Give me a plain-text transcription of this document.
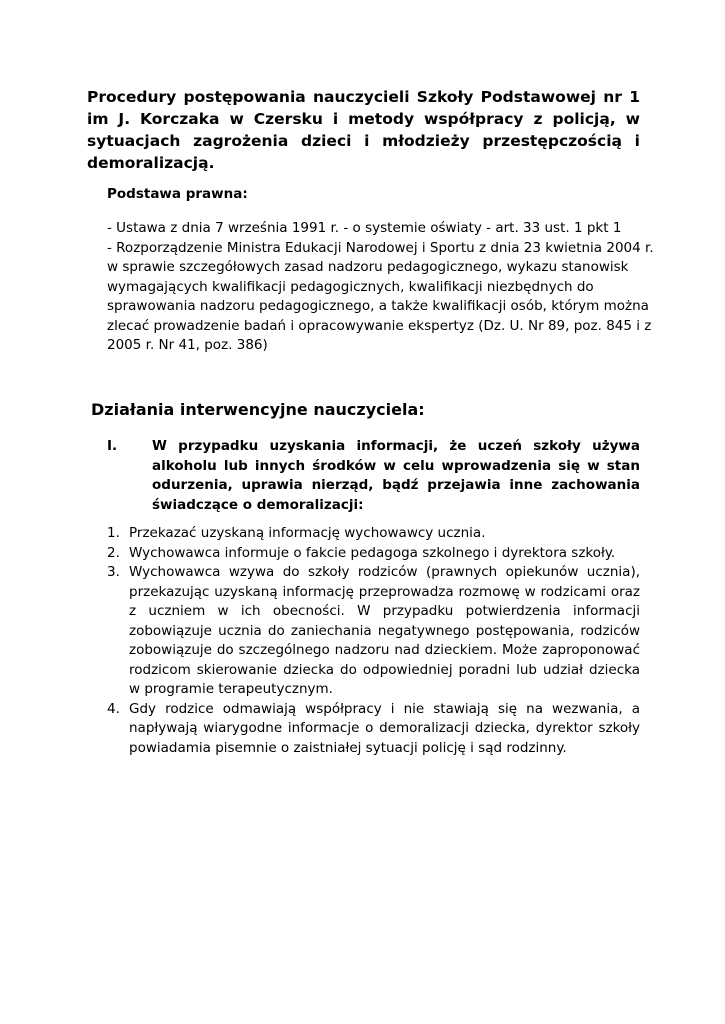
Procedury postępowania nauczycieli Szkoły Podstawowej nr 1 im J. Korczaka w Czersku i metody współpracy z policją, w sytuacjach zagrożenia dzieci i młodzieży przestępczością i demoralizacją.
Podstawa prawna:
- Ustawa z dnia 7 września 1991 r. - o systemie oświaty - art. 33 ust. 1 pkt 1
- Rozporządzenie Ministra Edukacji Narodowej i Sportu z dnia 23 kwietnia 2004 r.
w sprawie szczegółowych zasad nadzoru pedagogicznego, wykazu stanowisk
wymagających kwalifikacji pedagogicznych, kwalifikacji niezbędnych do
sprawowania nadzoru pedagogicznego, a także kwalifikacji osób, którym można
zlecać prowadzenie badań i opracowywanie ekspertyz (Dz. U. Nr 89, poz. 845 i z
2005 r. Nr 41, poz. 386)
Działania interwencyjne nauczyciela:
I.	W przypadku uzyskania informacji, że uczeń szkoły używa alkoholu lub innych środków w celu wprowadzenia się w stan odurzenia, uprawia nierząd, bądź przejawia inne zachowania świadczące o demoralizacji:
1. Przekazać uzyskaną informację wychowawcy ucznia.
2. Wychowawca informuje o fakcie pedagoga szkolnego i dyrektora szkoły.
3. Wychowawca wzywa do szkoły rodziców (prawnych opiekunów ucznia), przekazując uzyskaną informację przeprowadza rozmowę w rodzicami oraz z uczniem w ich obecności. W przypadku potwierdzenia informacji zobowiązuje ucznia do zaniechania negatywnego postępowania, rodziców zobowiązuje do szczególnego nadzoru nad dzieckiem. Może zaproponować rodzicom skierowanie dziecka do odpowiedniej poradni lub udział dziecka w programie terapeutycznym.
4. Gdy rodzice odmawiają współpracy i nie stawiają się na wezwania, a napływają wiarygodne informacje o demoralizacji dziecka, dyrektor szkoły powiadamia pisemnie o zaistniałej sytuacji policję i sąd rodzinny.
